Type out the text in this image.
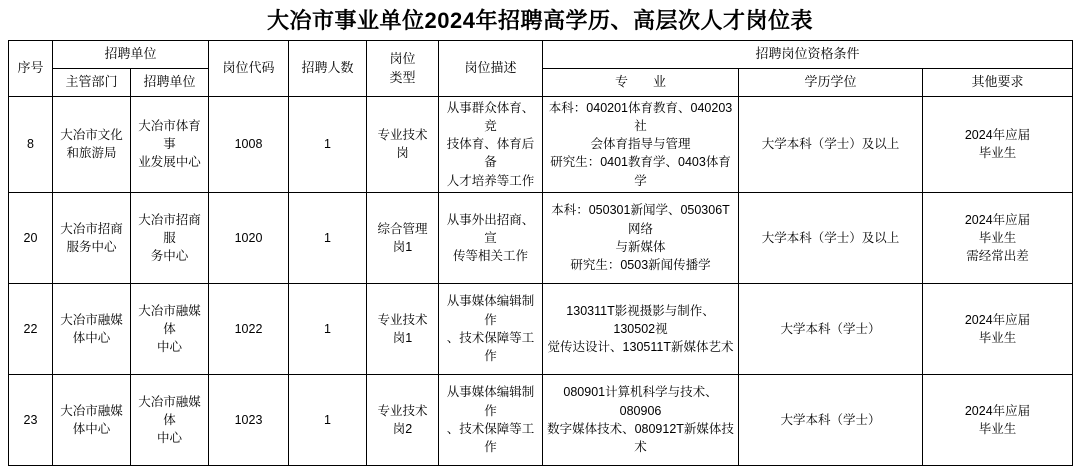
大冶市事业单位2024年招聘高学历、高层次人才岗位表
序号	招聘单位		岗位代码	招聘人数	岗位
类型	岗位描述	招聘岗位资格条件		
	主管部门	招聘单位					专　业	学历学位	其他要求
8	大冶市文化
和旅游局	大冶市体育事
业发展中心	1008	1	专业技术
岗	从事群众体育、竞
技体育、体育后备
人才培养等工作	本科：040201体育教育、040203社
会体育指导与管理
研究生：0401教育学、0403体育学	大学本科（学士）及以上	2024年应届
毕业生

20	大冶市招商
服务中心	大冶市招商服
务中心	1020	1	综合管理
岗1	从事外出招商、宣
传等相关工作	本科：050301新闻学、050306T网络
与新媒体
研究生：0503新闻传播学	大学本科（学士）及以上	2024年应届
毕业生
需经常出差

22	大冶市融媒
体中心	大冶市融媒体
中心	1022	1	专业技术
岗1	从事媒体编辑制作
、技术保障等工作	130311T影视摄影与制作、130502视
觉传达设计、130511T新媒体艺术	大学本科（学士）	2024年应届
毕业生

23	大冶市融媒
体中心	大冶市融媒体
中心	1023	1	专业技术
岗2	从事媒体编辑制作
、技术保障等工作	080901计算机科学与技术、080906
数字媒体技术、080912T新媒体技术	大学本科（学士）	2024年应届
毕业生
